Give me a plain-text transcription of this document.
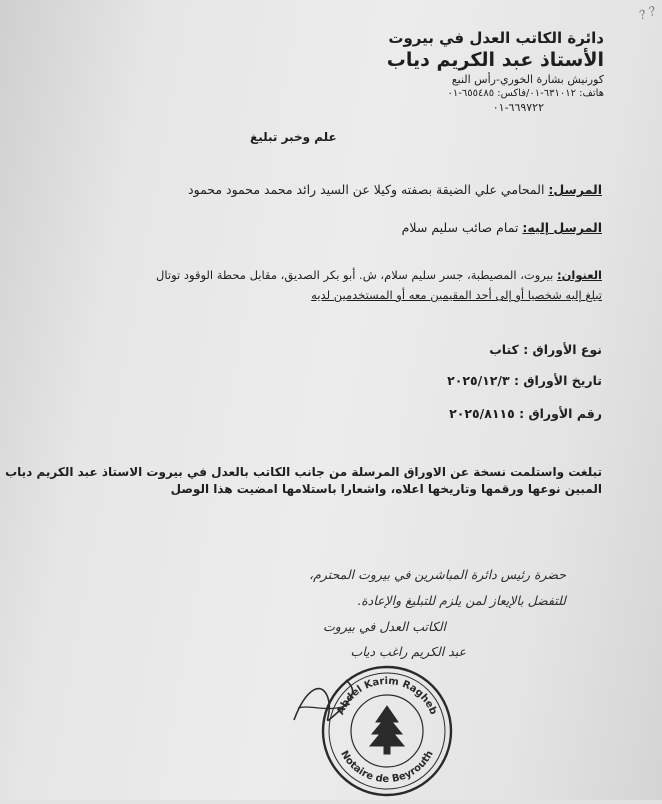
? ?
دائرة الكاتب العدل في بيروت
الأستاذ عبد الكريم دياب
كورنيش بشارة الخوري-رأس النبع
هاتف: ٦٣١٠١٢-٠١/فاكس: ٦٥٥٤٨٥-٠١
٦٦٩٧٢٢-٠١
علم وخبر تبليغ
المرسل: المحامي علي الضيقة بصفته وكيلا عن السيد رائد محمد محمود محمود
المرسل إليه: تمام صائب سليم سلام
العنوان: بيروت، المصيطبة، جسر سليم سلام، ش. أبو بكر الصديق، مقابل محطة الوقود توتال
تبلغ إليه شخصيا أو إلى أحد المقيمين معه أو المستخدمين لديه
نوع الأوراق : كتاب
تاريخ الأوراق : ٢٠٢٥/١٢/٣
رقم الأوراق : ٢٠٢٥/٨١١٥
تبلغت واستلمت نسخة عن الاوراق المرسلة من جانب الكاتب بالعدل في بيروت الاستاذ عبد الكريم دياب
المبين نوعها ورقمها وتاريخها اعلاه، واشعارا باستلامها امضيت هذا الوصل
حضرة رئيس دائرة المباشرين في بيروت المحترم،
للتفضل بالإيعاز لمن يلزم للتبليغ والإعادة.
الكاتب العدل في بيروت
عبد الكريم راغب دياب
Abdel Karim Ragheb
Notaire de Beyrouth
